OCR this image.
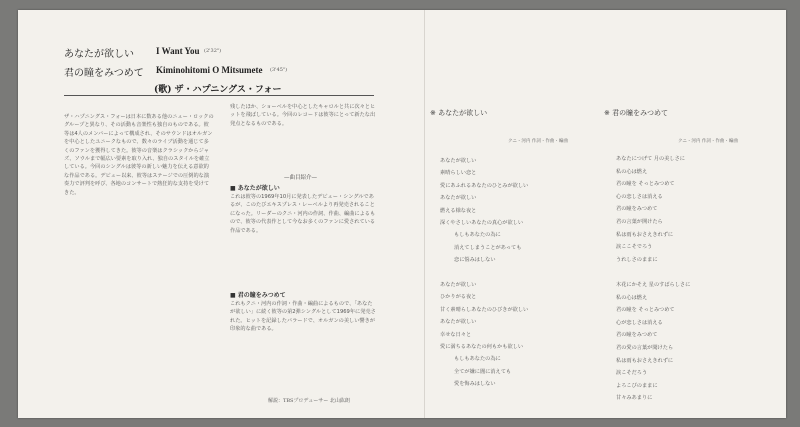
あなたが欲しい I Want You (2'32")
君の瞳をみつめて Kiminohitomi O Mitsumete (3'45")
(歌) ザ・ハプニングス・フォー
ザ・ハプニングス・フォーは日本に数ある他のニュー・ロックのグループと異なり、その活動も音楽性も独自のものである。彼等は4人のメンバーによって構成され、そのサウンドはオルガンを中心としたユニークなもので、数々のライブ活動を通じて多くのファンを獲得してきた。彼等の音楽はクラシックからジャズ、ソウルまで幅広い要素を取り入れ、独自のスタイルを確立している。今回のシングルは彼等の新しい魅力を伝える意欲的な作品である。デビュー以来、彼等はステージでの圧倒的な演奏力で評判を呼び、各地のコンサートで熱狂的な支持を受けてきた。
残したほか、ショーベルを中心としたキャロルと共に次々とヒットを飛ばしている。今回のレコードは彼等にとって新たな出発点となるものである。
—曲目紹介—
■ あなたが欲しい
これは彼等の1969年10月に発表したデビュー・シングルであるが、このたびエキスプレス・レーベルより再発売されることになった。リーダーのクニ・河内の作詞、作曲、編曲によるもので、彼等の代表作として今なお多くのファンに愛されている作品である。
■ 君の瞳をみつめて
これもクニ・河内の作詞・作曲・編曲によるもので、「あなたが欲しい」に続く彼等の第2弾シングルとして1969年に発売された。ヒットを記録したバラードで、オルガンの美しい響きが印象的な曲である。
解説：TBSプロデューサー 北山紘朗
※ あなたが欲しい
クニ・河内 作詞・作曲・編曲
あなたが欲しい
素晴らしい恋と
愛にあふれるあなたのひとみが欲しい
あなたが欲しい
燃える様な夜と
深くやさしいあなたの真心が欲しい
もしもあなたの為に
消えてしまうことがあっても
恋に悩みはしない
あなたが欲しい
ひかりがる夜と
甘く素晴らしあなたのひびきが欲しい
あなたが欲しい
幸せな日々と
愛に満ちるあなたの何もかも欲しい
もしもあなたの為に
全てが嫌に闇に消えても
愛を悔みはしない
※ 君の瞳をみつめて
クニ・河内 作詞・作曲・編曲
あなたにつげて 月の美しさに
私の心は燃え
君の瞳を そっとみつめて
心の恋しさは消える
君の瞳をみつめて
君の言葉が開けたら
私は雨もおさえきれずに
涙ここそでろう
うれしさのままに
木花にかそえ 星のすばらしさに
私の心は燃え
君の瞳を そっとみつめて
心が恋しさは消える
君の瞳をみつめて
君の愛の言葉が聞けたら
私は雨もおさえきれずに
涙こそだろう
よろこびのままに
甘々みあまりに
